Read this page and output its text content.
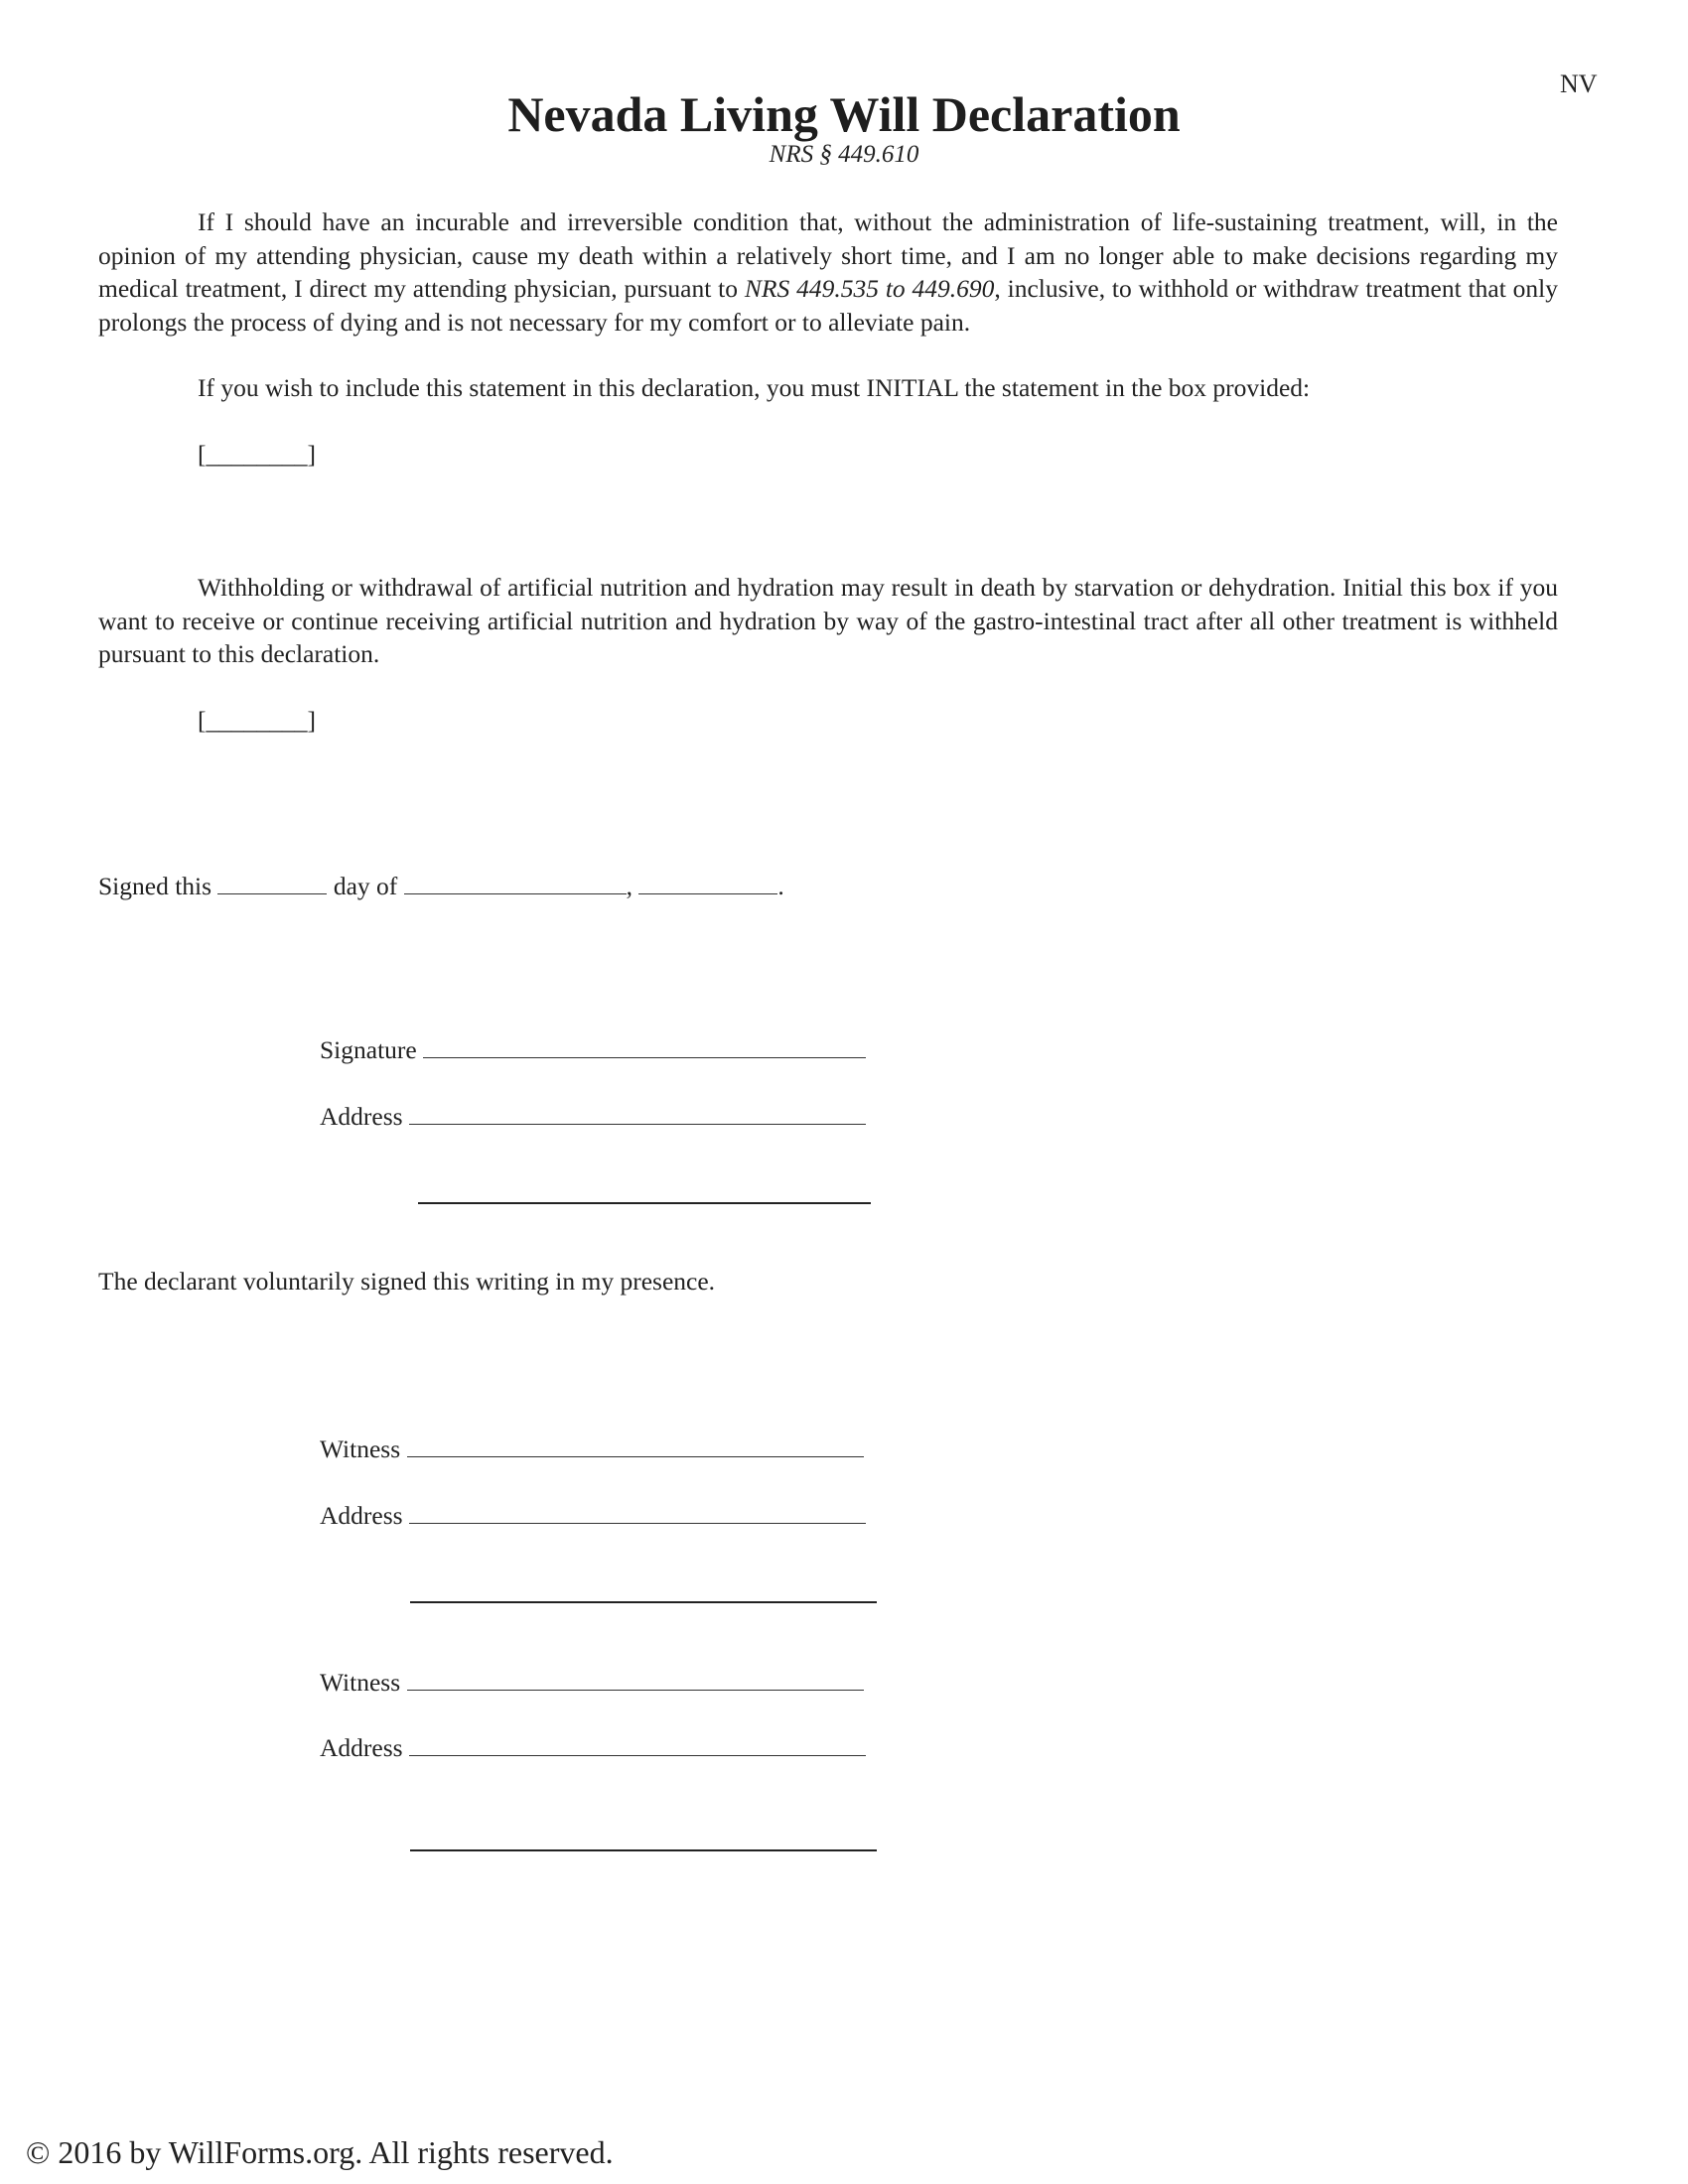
NV
Nevada Living Will Declaration
NRS § 449.610
If I should have an incurable and irreversible condition that, without the administration of life-sustaining treatment, will, in the opinion of my attending physician, cause my death within a relatively short time, and I am no longer able to make decisions regarding my medical treatment, I direct my attending physician, pursuant to NRS 449.535 to 449.690, inclusive, to withhold or withdraw treatment that only prolongs the process of dying and is not necessary for my comfort or to alleviate pain.
If you wish to include this statement in this declaration, you must INITIAL the statement in the box provided:
[________]
Withholding or withdrawal of artificial nutrition and hydration may result in death by starvation or dehydration. Initial this box if you want to receive or continue receiving artificial nutrition and hydration by way of the gastro-intestinal tract after all other treatment is withheld pursuant to this declaration.
[________]
Signed this	day of	,	.
Signature
Address
The declarant voluntarily signed this writing in my presence.
Witness
Address
Witness
Address
© 2016 by WillForms.org. All rights reserved.
